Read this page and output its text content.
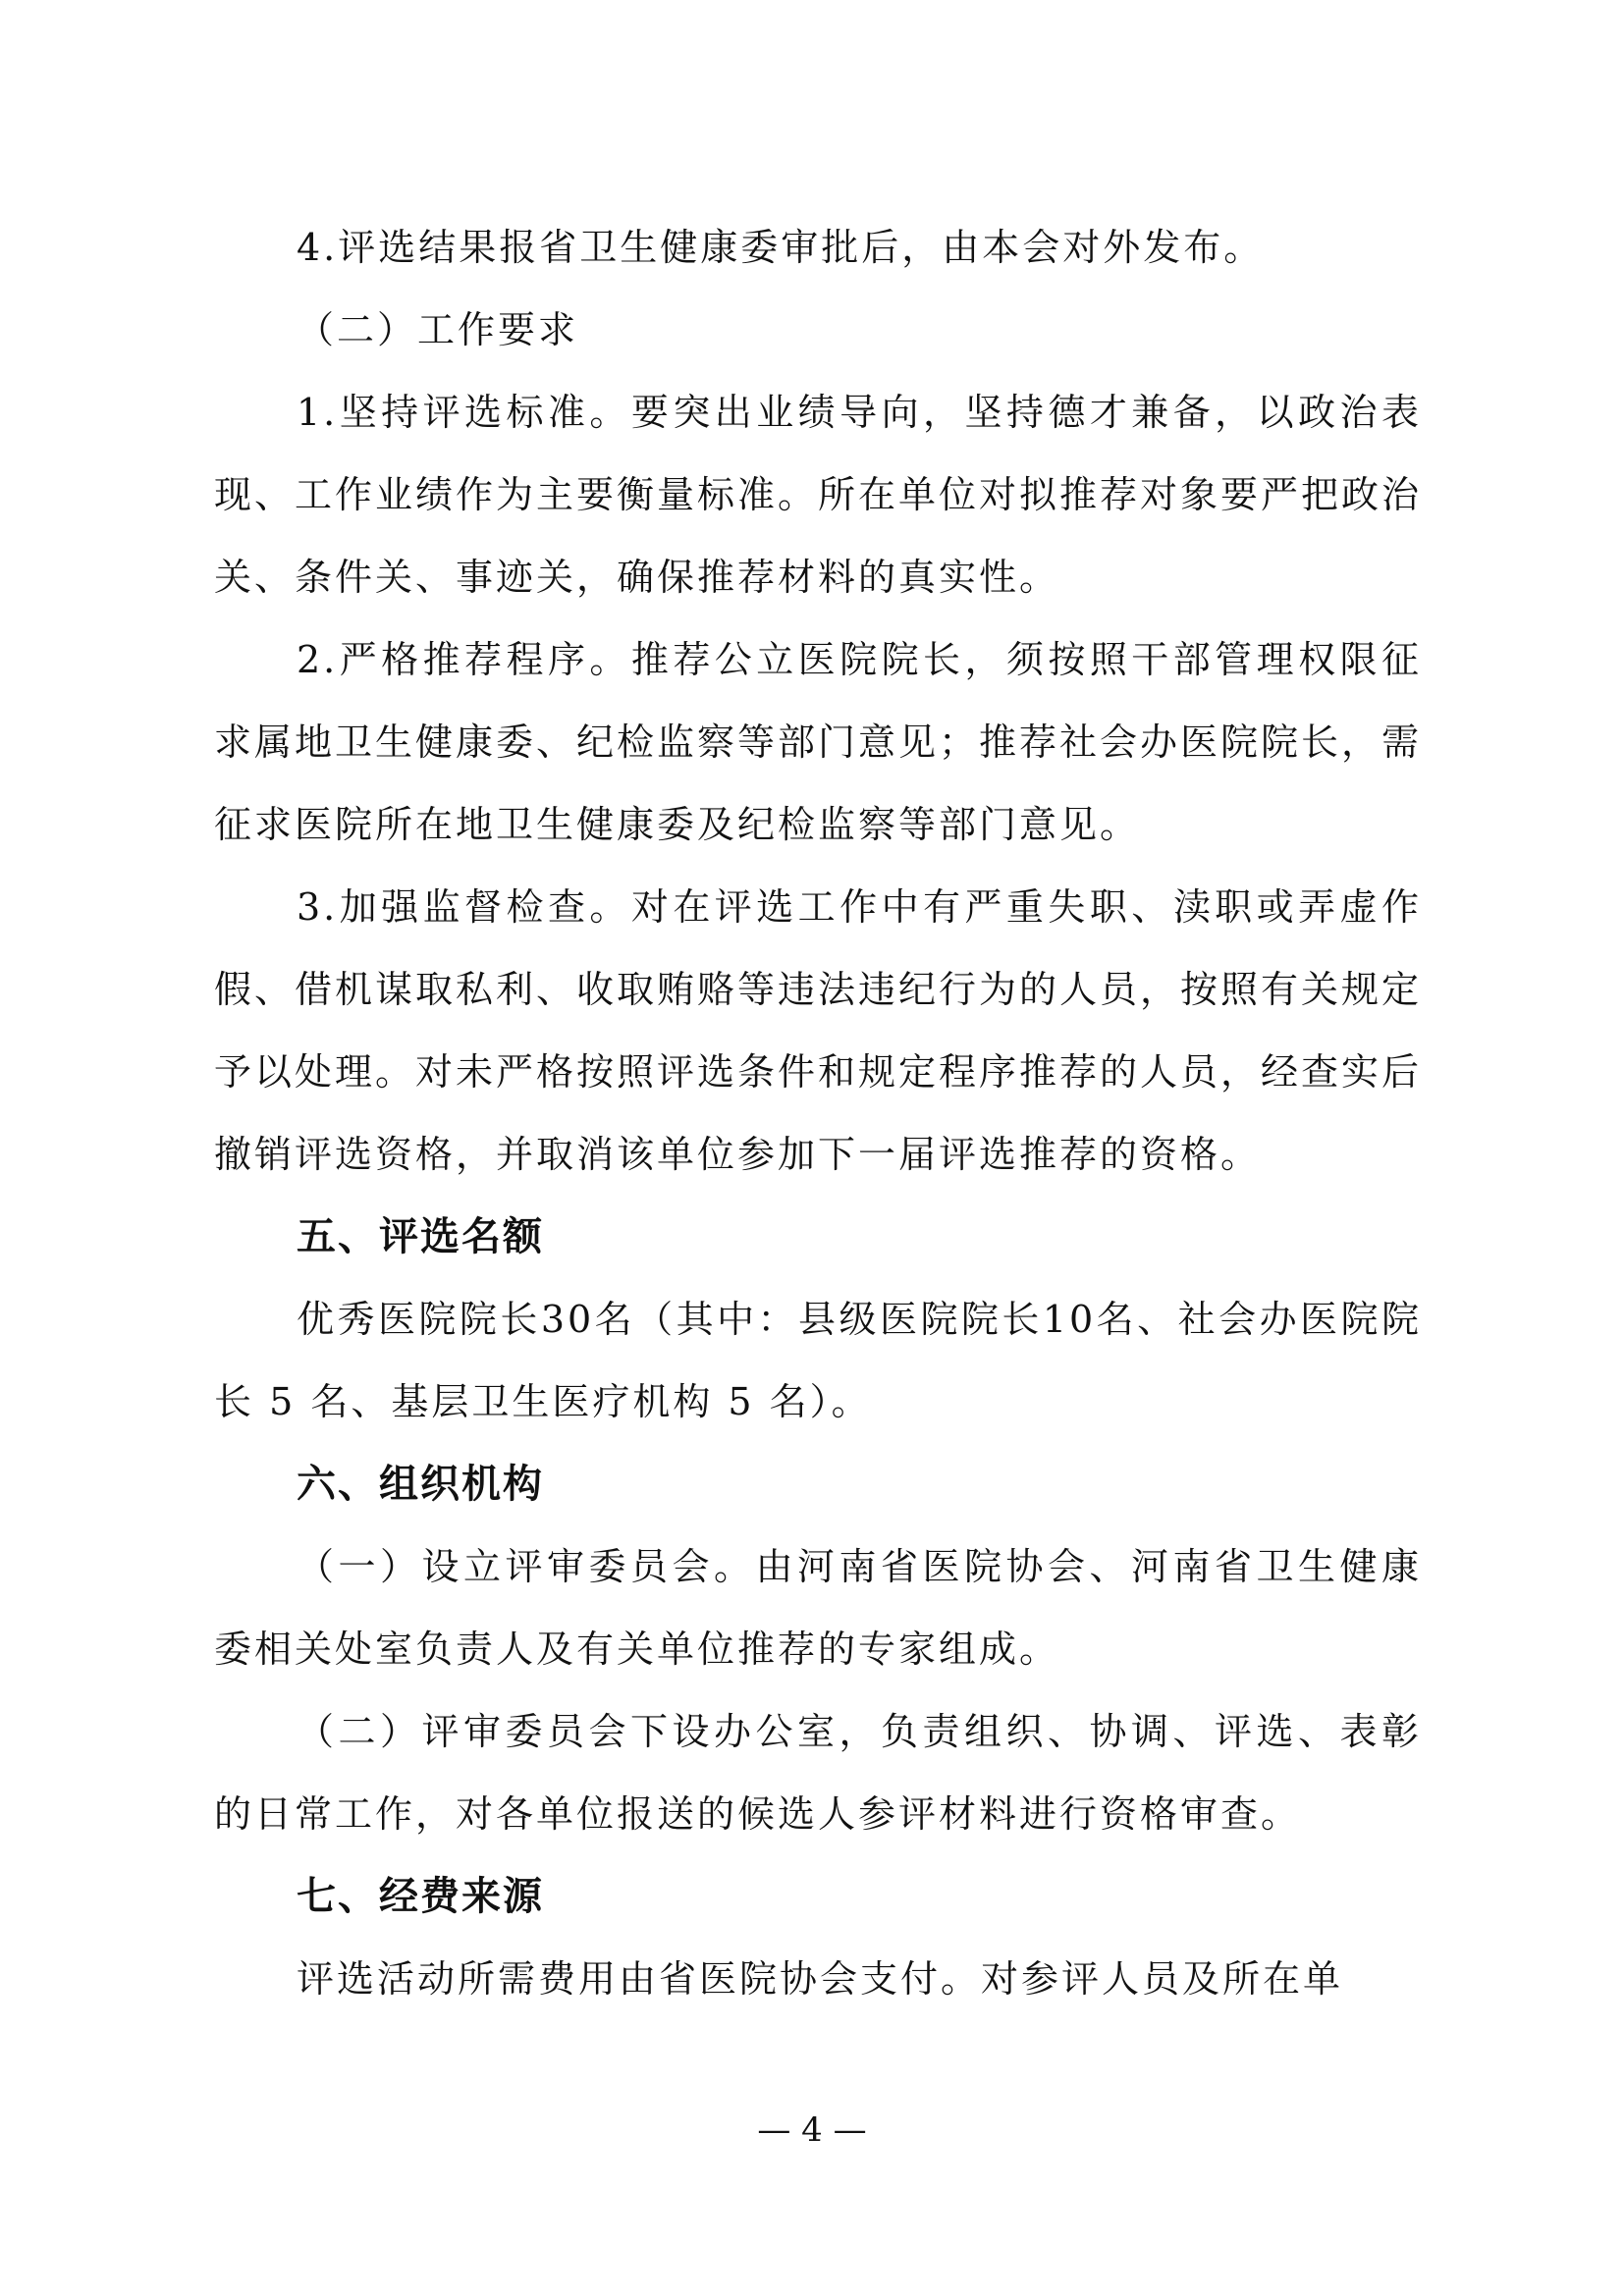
4.评选结果报省卫生健康委审批后，由本会对外发布。

（二）工作要求

1.坚持评选标准。要突出业绩导向，坚持德才兼备，以政治表现、工作业绩作为主要衡量标准。所在单位对拟推荐对象要严把政治关、条件关、事迹关，确保推荐材料的真实性。

2.严格推荐程序。推荐公立医院院长，须按照干部管理权限征求属地卫生健康委、纪检监察等部门意见；推荐社会办医院院长，需征求医院所在地卫生健康委及纪检监察等部门意见。

3.加强监督检查。对在评选工作中有严重失职、渎职或弄虚作假、借机谋取私利、收取贿赂等违法违纪行为的人员，按照有关规定予以处理。对未严格按照评选条件和规定程序推荐的人员，经查实后撤销评选资格，并取消该单位参加下一届评选推荐的资格。

五、评选名额

优秀医院院长30名（其中：县级医院院长10名、社会办医院院长 5 名、基层卫生医疗机构 5 名）。

六、组织机构

（一）设立评审委员会。由河南省医院协会、河南省卫生健康委相关处室负责人及有关单位推荐的专家组成。

（二）评审委员会下设办公室，负责组织、协调、评选、表彰的日常工作，对各单位报送的候选人参评材料进行资格审查。

七、经费来源

评选活动所需费用由省医院协会支付。对参评人员及所在单

— 4 —
